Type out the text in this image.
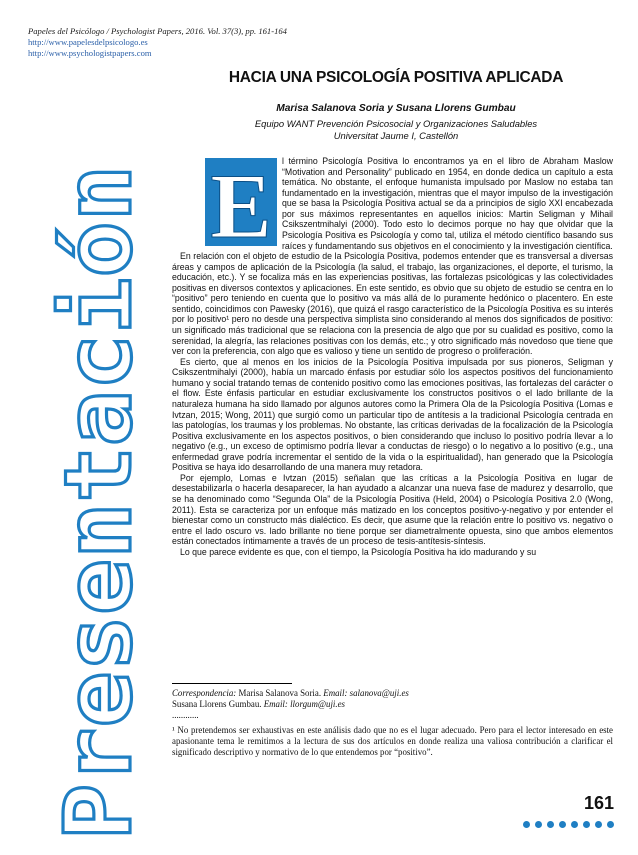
Papeles del Psicólogo / Psychologist Papers, 2016. Vol. 37(3), pp. 161-164
http://www.papelesdelpsicologo.es
http://www.psychologistpapers.com
HACIA UNA PSICOLOGÍA POSITIVA APLICADA
Marisa Salanova Soria y Susana Llorens Gumbau
Equipo WANT Prevención Psicosocial y Organizaciones Saludables
Universitat Jaume I, Castellón
Presentación E l término Psicología Positiva lo encontramos ya en el libro de Abraham Maslow “Motivation and Personality” publicado en 1954, en donde dedica un capítulo a esta temática. No obstante, el enfoque humanista impulsado por Maslow no estaba tan fundamentado en la investigación, mientras que el mayor impulso de la investigación que se basa la Psicología Positiva actual se da a principios de siglo XXI encabezada por sus máximos representantes en aquellos inicios: Martin Seligman y Mihail Csikszentmihalyi (2000). Todo esto lo decimos porque no hay que olvidar que la Psicología Positiva es Psicología y como tal, utiliza el método científico basando sus raíces y fundamentando sus objetivos en el conocimiento y la investigación científica.

En relación con el objeto de estudio de la Psicología Positiva, podemos entender que es transversal a diversas áreas y campos de aplicación de la Psicología (la salud, el trabajo, las organizaciones, el deporte, el turismo, la educación, etc.). Y se focaliza más en las experiencias positivas, las fortalezas psicológicas y las colectividades positivas en diversos contextos y aplicaciones. En este sentido, es obvio que su objeto de estudio se centra en lo “positivo” pero teniendo en cuenta que lo positivo va más allá de lo puramente hedónico o placentero. En este sentido, coincidimos con Pawesky (2016), que quizá el rasgo característico de la Psicología Positiva es su interés por lo positivo¹ pero no desde una perspectiva simplista sino considerando al menos dos significados de positivo: un significado más tradicional que se relaciona con la presencia de algo que por su cualidad es positivo, como la serenidad, la alegría, las relaciones positivas con los demás, etc.; y otro significado más novedoso que tiene que ver con la preferencia, con algo que es valioso y tiene un sentido de progreso o proliferación.

Es cierto, que al menos en los inicios de la Psicología Positiva impulsada por sus pioneros, Seligman y Csikszentmihalyi (2000), había un marcado énfasis por estudiar sólo los aspectos positivos del funcionamiento humano y social tratando temas de contenido positivo como las emociones positivas, las fortalezas del carácter o el flow. Este énfasis particular en estudiar exclusivamente los constructos positivos o el lado brillante de la naturaleza humana ha sido llamado por algunos autores como la Primera Ola de la Psicología Positiva (Lomas e Ivtzan, 2015; Wong, 2011) que surgió como un particular tipo de antítesis a la tradicional Psicología centrada en las patologías, los traumas y los problemas. No obstante, las críticas derivadas de la focalización de la Psicología Positiva exclusivamente en los aspectos positivos, o bien considerando que incluso lo positivo podría llevar a lo negativo (e.g., un exceso de optimismo podría llevar a conductas de riesgo) o lo negativo a lo positivo (e.g., una enfermedad grave podría incrementar el sentido de la vida o la espiritualidad), han generado que la Psicología Positiva se haya ido desarrollando de una manera muy retadora.

Por ejemplo, Lomas e Ivtzan (2015) señalan que las críticas a la Psicología Positiva en lugar de desestabilizarla o hacerla desaparecer, la han ayudado a alcanzar una nueva fase de madurez y desarrollo, que se ha denominado como “Segunda Ola” de la Psicología Positiva (Held, 2004) o Psicología Positiva 2.0 (Wong, 2011). Esta se caracteriza por un enfoque más matizado en los conceptos positivo-y-negativo y por entender el bienestar como un constructo más dialéctico. Es decir, que asume que la relación entre lo positivo vs. negativo o entre el lado oscuro vs. lado brillante no tiene porque ser diametralmente opuesta, sino que ambos elementos están conectados íntimamente a través de un proceso de tesis-antítesis-síntesis.

Lo que parece evidente es que, con el tiempo, la Psicología Positiva ha ido madurando y su

Correspondencia: Marisa Salanova Soria. Email: salanova@uji.es
Susana Llorens Gumbau. Email: llorgum@uji.es
............
¹ No pretendemos ser exhaustivas en este análisis dado que no es el lugar adecuado. Pero para el lector interesado en este apasionante tema le remitimos a la lectura de sus dos artículos en donde realiza una valiosa contribución a clarificar el significado descriptivo y normativo de lo que entendemos por “positivo”.
161
